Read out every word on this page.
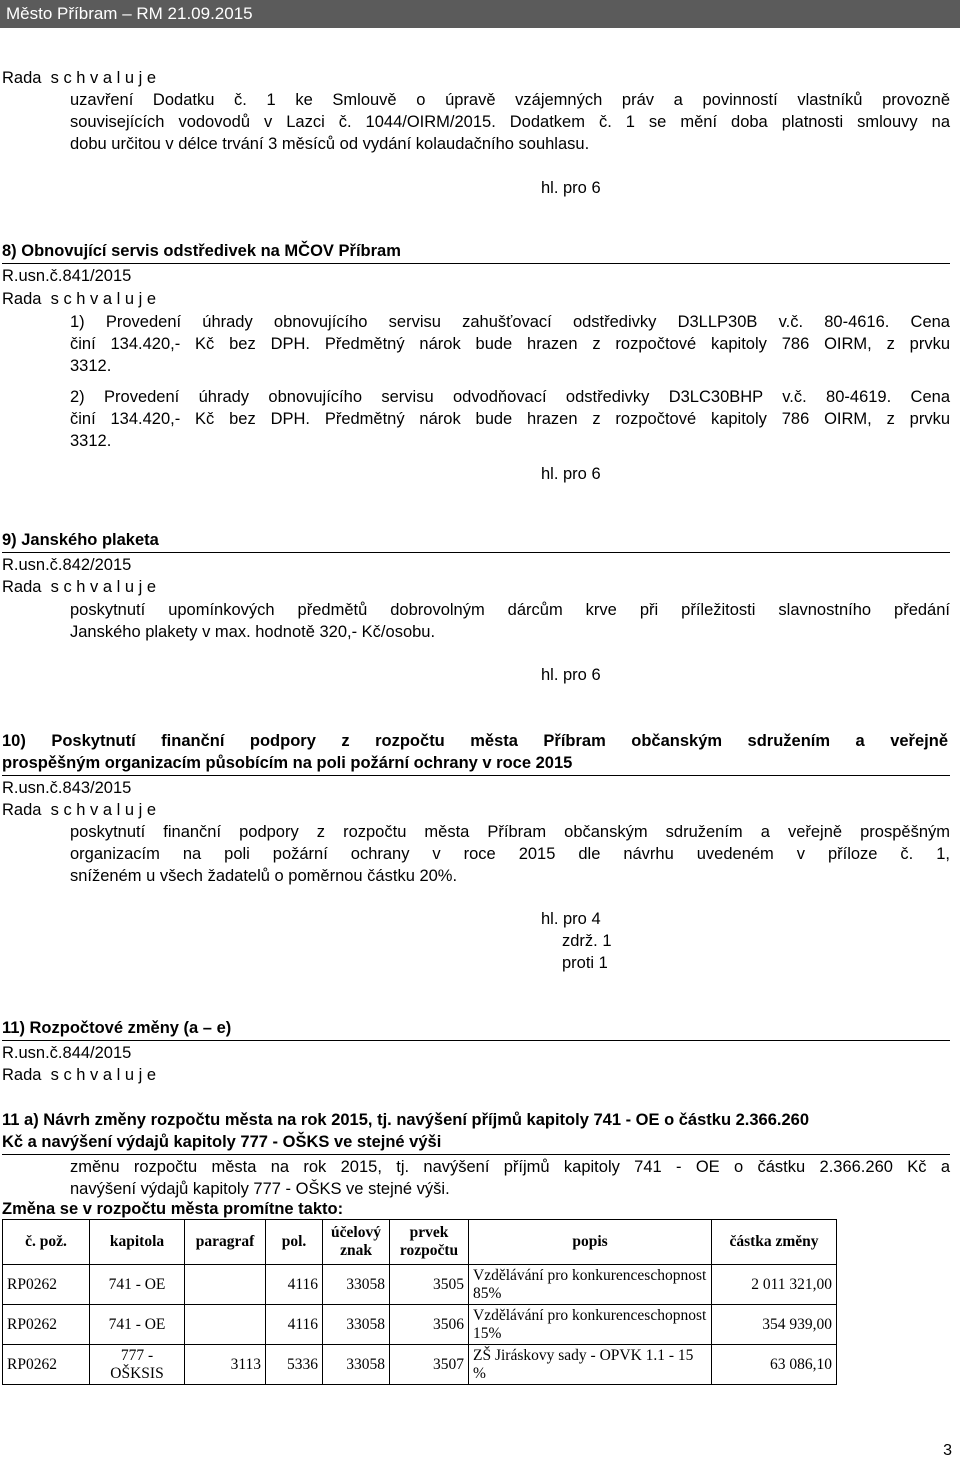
Město Příbram – RM 21.09.2015
Rada s c h v a l u j e
uzavření Dodatku č. 1 ke Smlouvě o úpravě vzájemných práv a povinností vlastníků provozně
souvisejících vodovodů v Lazci č. 1044/OIRM/2015. Dodatkem č. 1 se mění doba platnosti smlouvy na
dobu určitou v délce trvání 3 měsíců od vydání kolaudačního souhlasu.
hl. pro 6
8) Obnovující servis odstředivek na MČOV Příbram
R.usn.č.841/2015
Rada s c h v a l u j e
1) Provedení úhrady obnovujícího servisu zahušťovací odstředivky D3LLP30B v.č. 80-4616. Cena
činí 134.420,- Kč bez DPH. Předmětný nárok bude hrazen z rozpočtové kapitoly 786 OIRM, z prvku
3312.
2) Provedení úhrady obnovujícího servisu odvodňovací odstředivky D3LC30BHP v.č. 80-4619. Cena
činí 134.420,- Kč bez DPH. Předmětný nárok bude hrazen z rozpočtové kapitoly 786 OIRM, z prvku
3312.
hl. pro 6
9) Janského plaketa
R.usn.č.842/2015
Rada s c h v a l u j e
poskytnutí upomínkových předmětů dobrovolným dárcům krve při příležitosti slavnostního předání
Janského plakety v max. hodnotě 320,- Kč/osobu.
hl. pro 6
10) Poskytnutí finanční podpory z rozpočtu města Příbram občanským sdružením a veřejně
prospěšným organizacím působícím na poli požární ochrany v roce 2015
R.usn.č.843/2015
Rada s c h v a l u j e
poskytnutí finanční podpory z rozpočtu města Příbram občanským sdružením a veřejně prospěšným
organizacím na poli požární ochrany v roce 2015 dle návrhu uvedeném v příloze č. 1,
sníženém u všech žadatelů o poměrnou částku 20%.
hl. pro 4
zdrž. 1
proti 1
11) Rozpočtové změny (a – e)
R.usn.č.844/2015
Rada s c h v a l u j e
11 a) Návrh změny rozpočtu města na rok 2015, tj. navýšení příjmů kapitoly 741 - OE o částku 2.366.260
Kč a navýšení výdajů kapitoly 777 - OŠKS ve stejné výši
změnu rozpočtu města na rok 2015, tj. navýšení příjmů kapitoly 741 - OE o částku 2.366.260 Kč a
navýšení výdajů kapitoly 777 - OŠKS ve stejné výši.
Změna se v rozpočtu města promítne takto:
č. pož.	kapitola	paragraf	pol.	účelový znak	prvek rozpočtu	popis	částka změny
RP0262	741 - OE		4116	33058	3505	Vzdělávání pro konkurenceschopnost 85%	2 011 321,00
RP0262	741 - OE		4116	33058	3506	Vzdělávání pro konkurenceschopnost 15%	354 939,00
RP0262	777 - OŠKSIS	3113	5336	33058	3507	ZŠ Jiráskovy sady - OPVK 1.1 - 15 %	63 086,10
3
